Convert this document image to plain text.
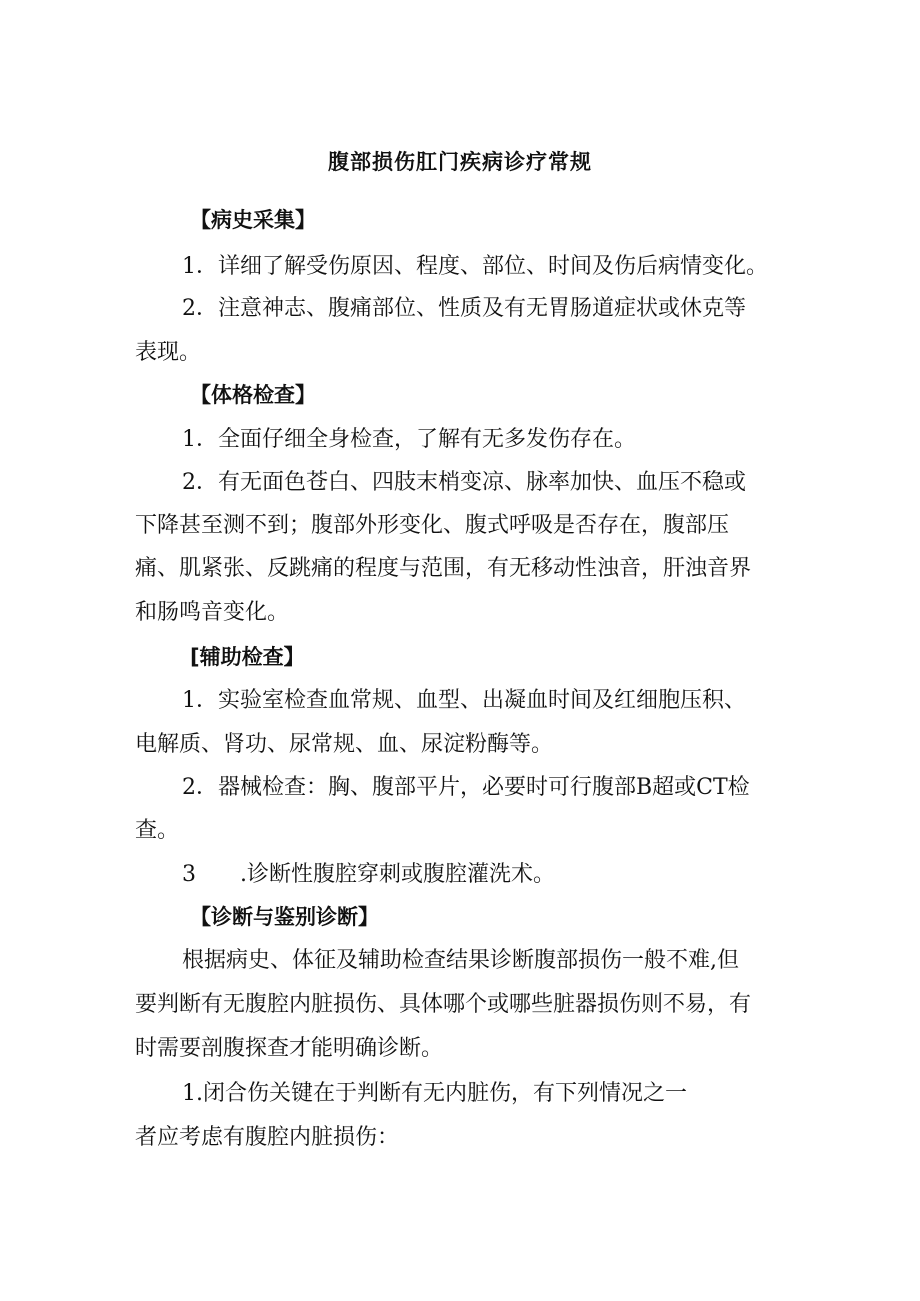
腹部损伤肛门疾病诊疗常规
【病史采集】
1．详细了解受伤原因、程度、部位、时间及伤后病情变化。
2．注意神志、腹痛部位、性质及有无胃肠道症状或休克等
表现。
【体格检查】
1．全面仔细全身检查，了解有无多发伤存在。
2．有无面色苍白、四肢末梢变凉、脉率加快、血压不稳或
下降甚至测不到；腹部外形变化、腹式呼吸是否存在，腹部压
痛、肌紧张、反跳痛的程度与范围，有无移动性浊音，肝浊音界
和肠鸣音变化。
[辅助检查】
1．实验室检查血常规、血型、出凝血时间及红细胞压积、
电解质、肾功、尿常规、血、尿淀粉酶等。
2．器械检查：胸、腹部平片，必要时可行腹部B超或CT检
查。
3　　.诊断性腹腔穿刺或腹腔灌洗术。
【诊断与鉴别诊断】
根据病史、体征及辅助检查结果诊断腹部损伤一般不难,但
要判断有无腹腔内脏损伤、具体哪个或哪些脏器损伤则不易，有
时需要剖腹探查才能明确诊断。
1.闭合伤关键在于判断有无内脏伤，有下列情况之一
者应考虑有腹腔内脏损伤：
